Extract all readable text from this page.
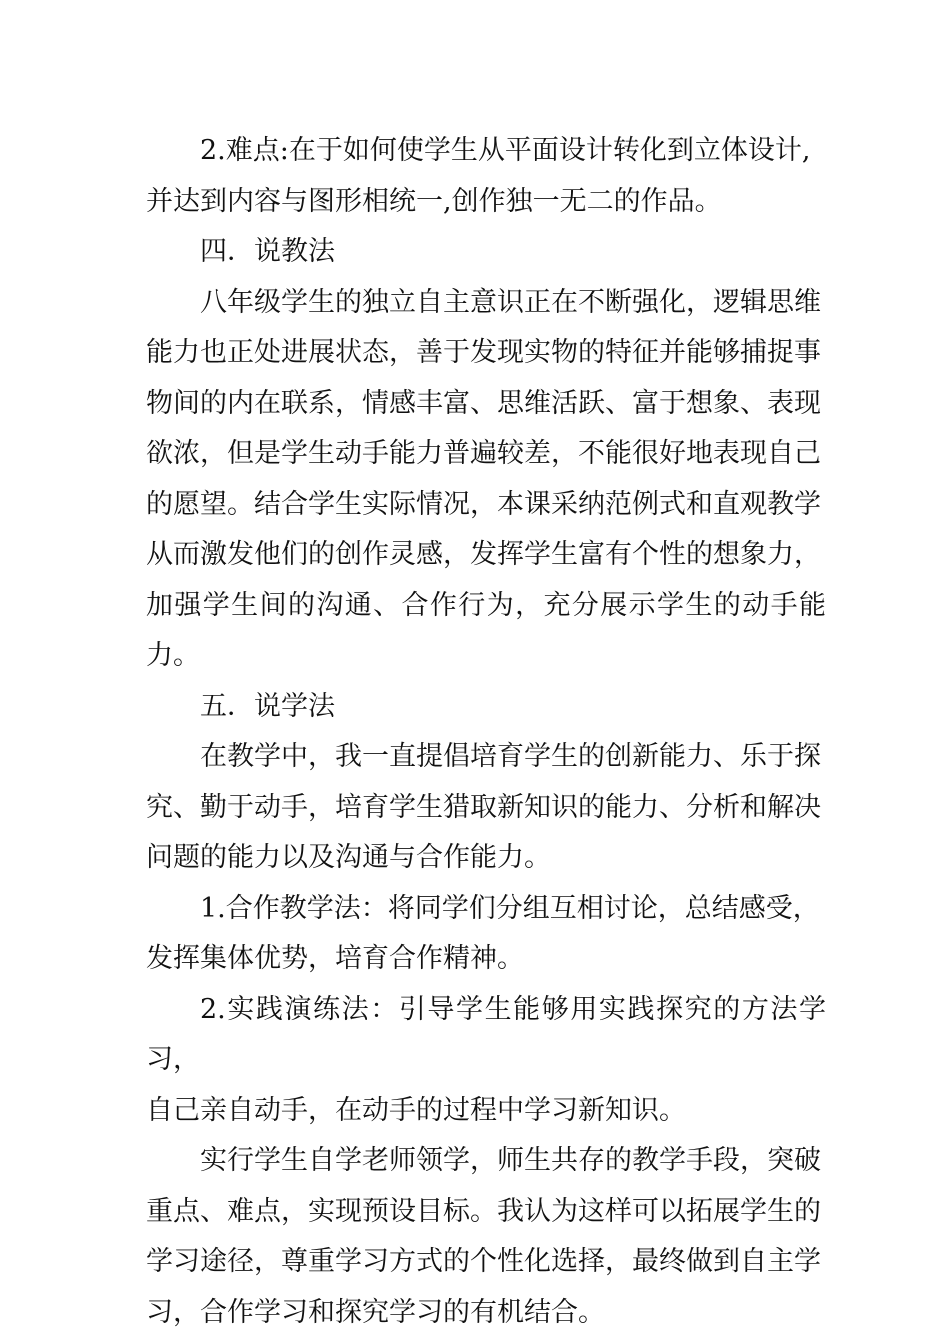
2.难点:在于如何使学生从平面设计转化到立体设计,
并达到内容与图形相统一,创作独一无二的作品。

四．说教法

八年级学生的独立自主意识正在不断强化，逻辑思维
能力也正处进展状态，善于发现实物的特征并能够捕捉事
物间的内在联系，情感丰富、思维活跃、富于想象、表现
欲浓，但是学生动手能力普遍较差，不能很好地表现自己
的愿望。结合学生实际情况，本课采纳范例式和直观教学
从而激发他们的创作灵感，发挥学生富有个性的想象力，
加强学生间的沟通、合作行为，充分展示学生的动手能力。

五．说学法

在教学中，我一直提倡培育学生的创新能力、乐于探
究、勤于动手，培育学生猎取新知识的能力、分析和解决
问题的能力以及沟通与合作能力。

1.合作教学法：将同学们分组互相讨论，总结感受，
发挥集体优势，培育合作精神。

2.实践演练法：引导学生能够用实践探究的方法学习，
自己亲自动手，在动手的过程中学习新知识。

实行学生自学老师领学，师生共存的教学手段，突破
重点、难点，实现预设目标。我认为这样可以拓展学生的
学习途径，尊重学习方式的个性化选择，最终做到自主学
习，合作学习和探究学习的有机结合。
